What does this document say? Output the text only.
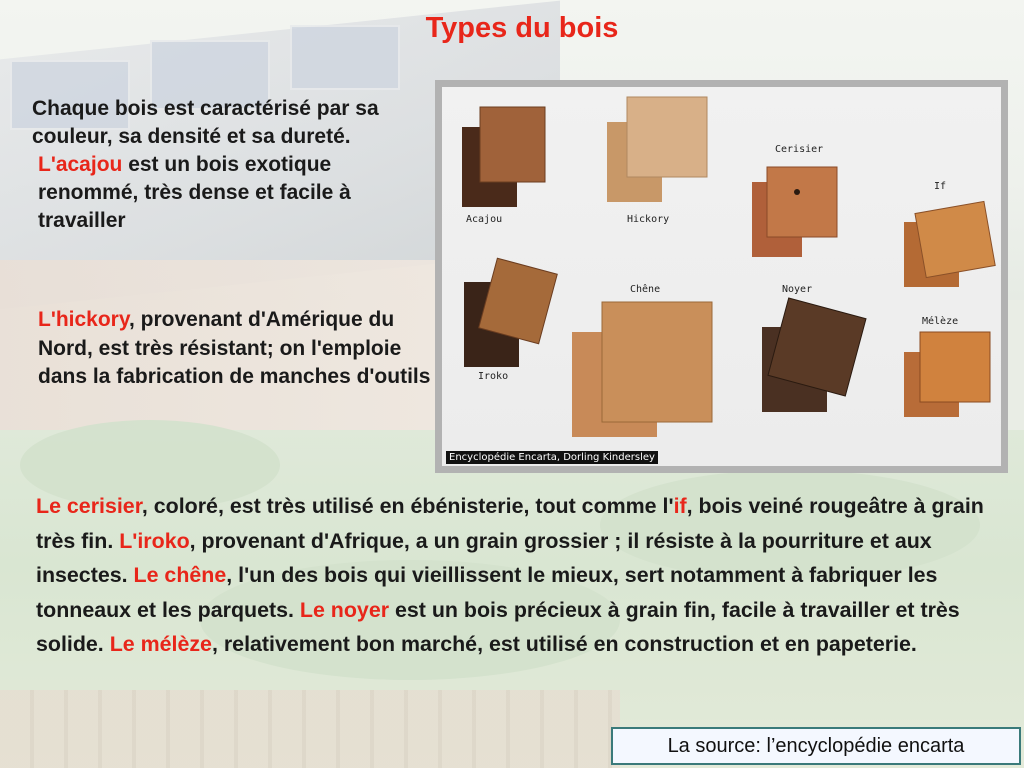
Types du bois

Chaque bois est caractérisé par sa couleur, sa densité et sa dureté.

L'acajou est un bois exotique renommé, très dense et facile à travailler

L'hickory, provenant d'Amérique du Nord, est très résistant; on l'emploie dans la fabrication de manches d'outils
Acajou	Hickory
Cerisier
If
Iroko
Chêne	Noyer
Mélèze
Encyclopédie Encarta, Dorling Kindersley
Le cerisier, coloré, est très utilisé en ébénisterie, tout comme l'if, bois veiné rougeâtre à grain très fin. L'iroko, provenant d'Afrique, a un grain grossier ; il résiste à la pourriture et aux insectes. Le chêne, l'un des bois qui vieillissent le mieux, sert notamment à fabriquer les tonneaux et les parquets. Le noyer est un bois précieux à grain fin, facile à travailler et très solide. Le mélèze, relativement bon marché, est utilisé en construction et en papeterie.
La source: l’encyclopédie encarta
